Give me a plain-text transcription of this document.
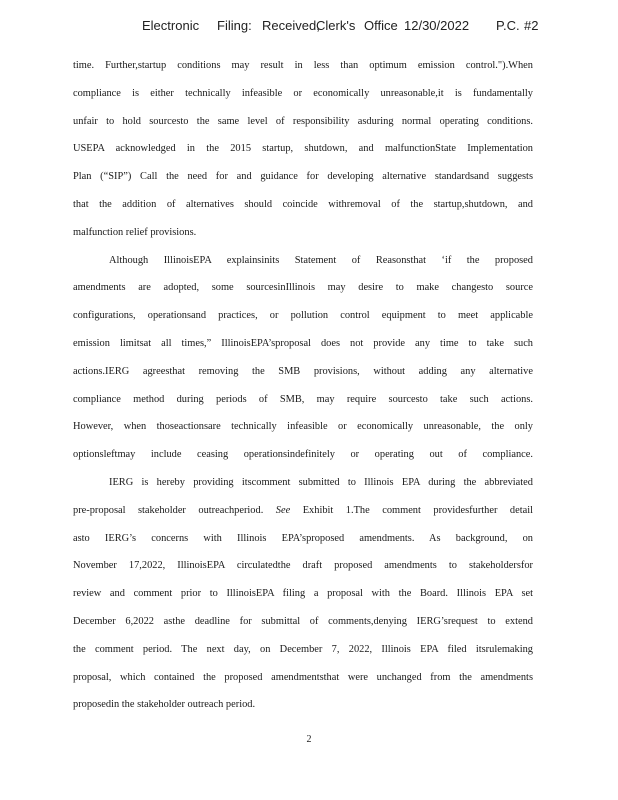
Electronic Filing: Received,
Clerk's Office 12/30/2022 P.C. #2
time. Further,startup conditions may result in less than optimum emission control.").When
compliance is either technically infeasible or economically unreasonable,it is fundamentally
unfair to hold sourcesto the same level of responsibility asduring normal operating conditions.
USEPA acknowledged in the 2015 startup, shutdown, and malfunctionState Implementation
Plan (“SIP”) Call the need for and guidance for developing alternative standardsand suggests
that the addition of alternatives should coincide withremoval of the startup,shutdown, and
malfunction relief provisions.
Although IllinoisEPA explainsinits Statement of Reasonsthat ‘if the proposed
amendments are adopted, some sourcesinIllinois may desire to make changesto source
configurations, operationsand practices, or pollution control equipment to meet applicable
emission limitsat all times,” IllinoisEPA’sproposal does not provide any time to take such
actions.IERG agreesthat removing the SMB provisions, without adding any alternative
compliance method during periods of SMB, may require sourcesto take such actions.
However, when thoseactionsare technically infeasible or economically unreasonable, the only
optionsleftmay include ceasing operationsindefinitely or operating out of compliance.
IERG is hereby providing itscomment submitted to Illinois EPA during the abbreviated
pre-proposal stakeholder outreachperiod. See Exhibit 1.The comment providesfurther detail
asto IERG’s concerns with Illinois EPA’sproposed amendments. As background, on
November 17,2022, IllinoisEPA circulatedthe draft proposed amendments to stakeholdersfor
review and comment prior to IllinoisEPA filing a proposal with the Board. Illinois EPA set
December 6,2022 asthe deadline for submittal of comments,denying IERG’srequest to extend
the comment period. The next day, on December 7, 2022, Illinois EPA filed itsrulemaking
proposal, which contained the proposed amendmentsthat were unchanged from the amendments
proposedin the stakeholder outreach period.
2
